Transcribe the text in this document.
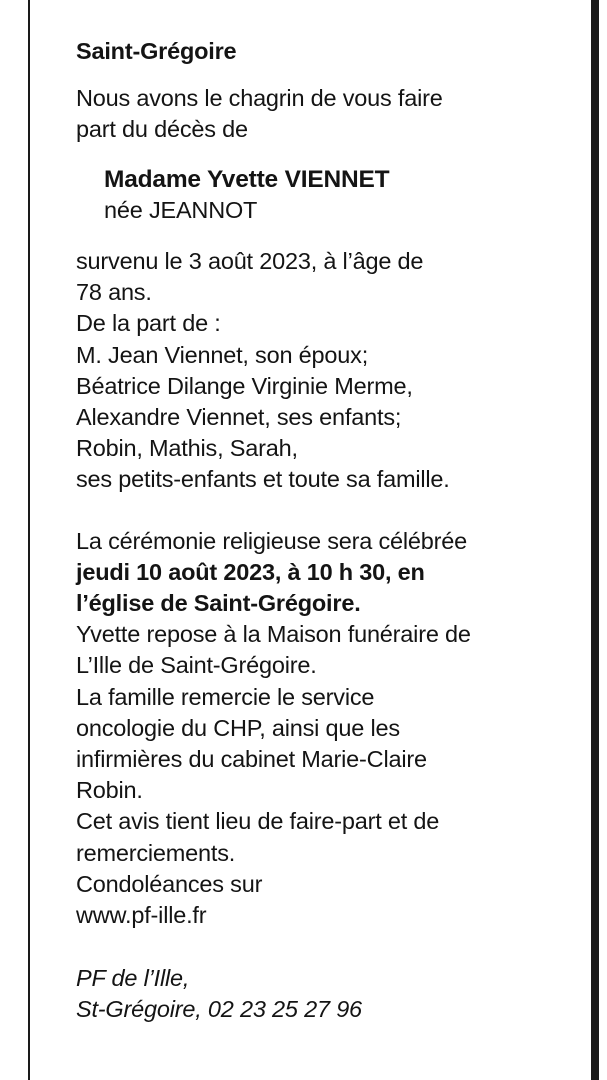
Saint-Grégoire
Nous avons le chagrin de vous faire
part du décès de
Madame Yvette VIENNET
née JEANNOT
survenu le 3 août 2023, à l’âge de
78 ans.
De la part de :
M. Jean Viennet, son époux;
Béatrice Dilange Virginie Merme,
Alexandre Viennet, ses enfants;
Robin, Mathis, Sarah,
ses petits-enfants et toute sa famille.
La cérémonie religieuse sera célébrée
jeudi 10 août 2023, à 10 h 30, en
l’église de Saint-Grégoire.
Yvette repose à la Maison funéraire de
L’Ille de Saint-Grégoire.
La famille remercie le service
oncologie du CHP, ainsi que les
infirmières du cabinet Marie-Claire
Robin.
Cet avis tient lieu de faire-part et de
remerciements.
Condoléances sur
www.pf-ille.fr
PF de l’Ille,
St-Grégoire, 02 23 25 27 96
